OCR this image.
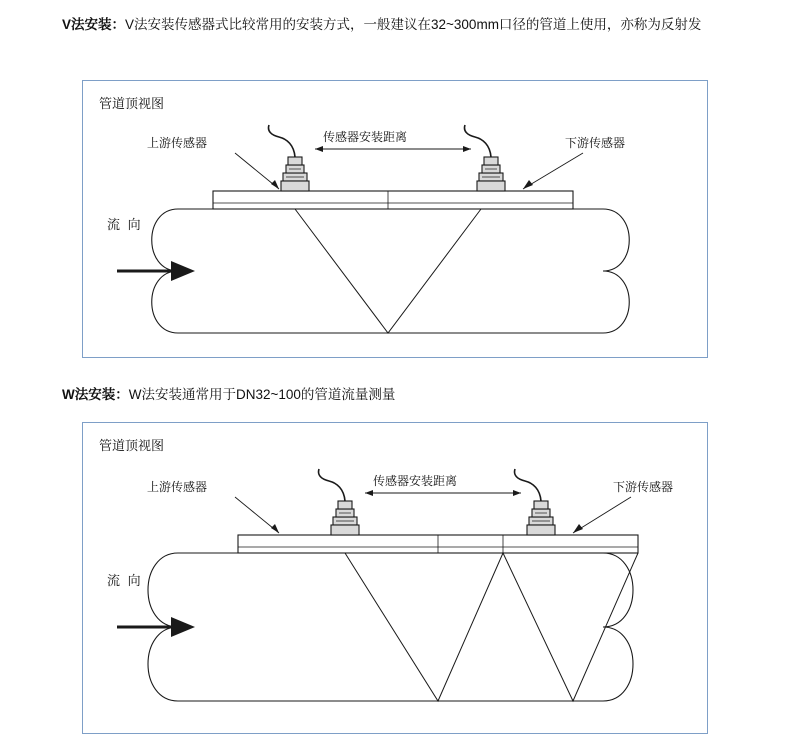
V法安装：V法安装传感器式比较常用的安装方式，一般建议在32~300mm口径的管道上使用，亦称为反射发
管道顶视图
上游传感器	传感器安装距离	下游传感器
流 向
W法安装：W法安装通常用于DN32~100的管道流量测量
管道顶视图
上游传感器	传感器安装距离	下游传感器
流 向
